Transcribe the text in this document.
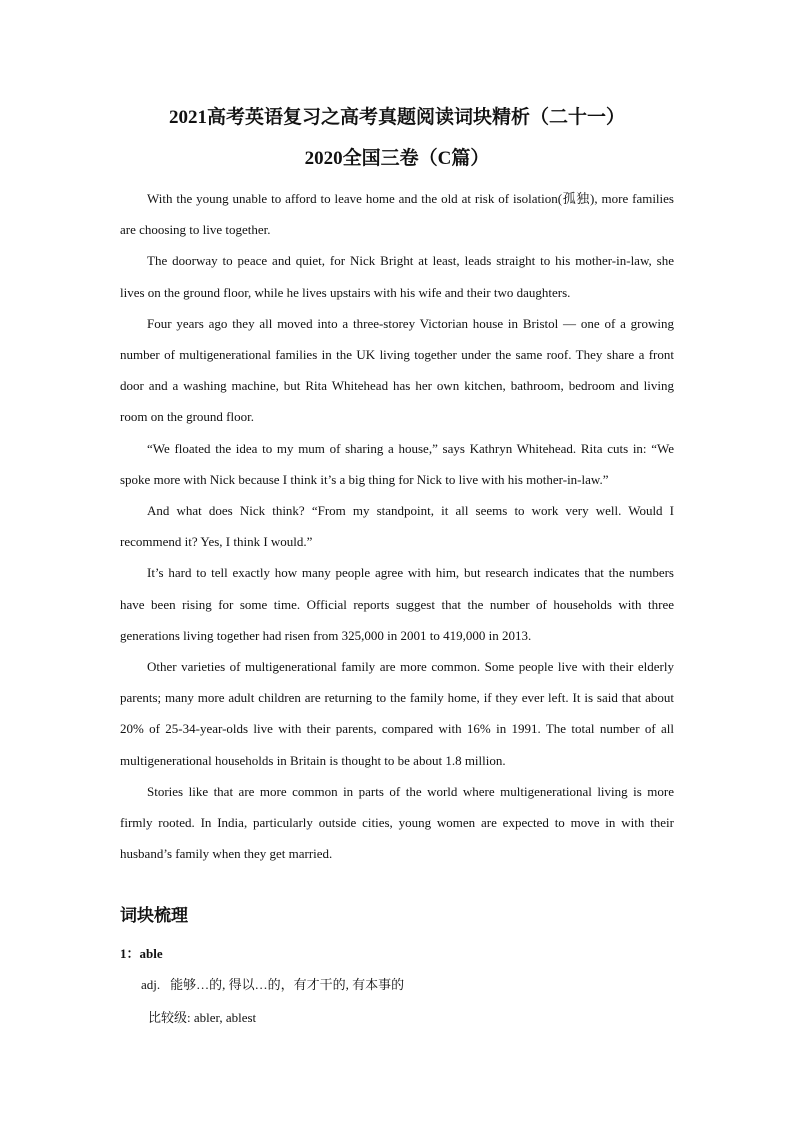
2021高考英语复习之高考真题阅读词块精析（二十一）
2020全国三卷（C篇）

With the young unable to afford to leave home and the old at risk of isolation(孤独), more families are choosing to live together.

The doorway to peace and quiet, for Nick Bright at least, leads straight to his mother-in-law, she lives on the ground floor, while he lives upstairs with his wife and their two daughters.

Four years ago they all moved into a three-storey Victorian house in Bristol — one of a growing number of multigenerational families in the UK living together under the same roof. They share a front door and a washing machine, but Rita Whitehead has her own kitchen, bathroom, bedroom and living room on the ground floor.

“We floated the idea to my mum of sharing a house,” says Kathryn Whitehead. Rita cuts in: “We spoke more with Nick because I think it’s a big thing for Nick to live with his mother-in-law.”

And what does Nick think? “From my standpoint, it all seems to work very well. Would I recommend it? Yes, I think I would.”

It’s hard to tell exactly how many people agree with him, but research indicates that the numbers have been rising for some time. Official reports suggest that the number of households with three generations living together had risen from 325,000 in 2001 to 419,000 in 2013.

Other varieties of multigenerational family are more common. Some people live with their elderly parents; many more adult children are returning to the family home, if they ever left. It is said that about 20% of 25-34-year-olds live with their parents, compared with 16% in 1991. The total number of all multigenerational households in Britain is thought to be about 1.8 million.

Stories like that are more common in parts of the world where multigenerational living is more firmly rooted. In India, particularly outside cities, young women are expected to move in with their husband’s family when they get married.

词块梳理
1：able
adj. 能够…的, 得以…的，有才干的, 有本事的
比较级: abler, ablest
